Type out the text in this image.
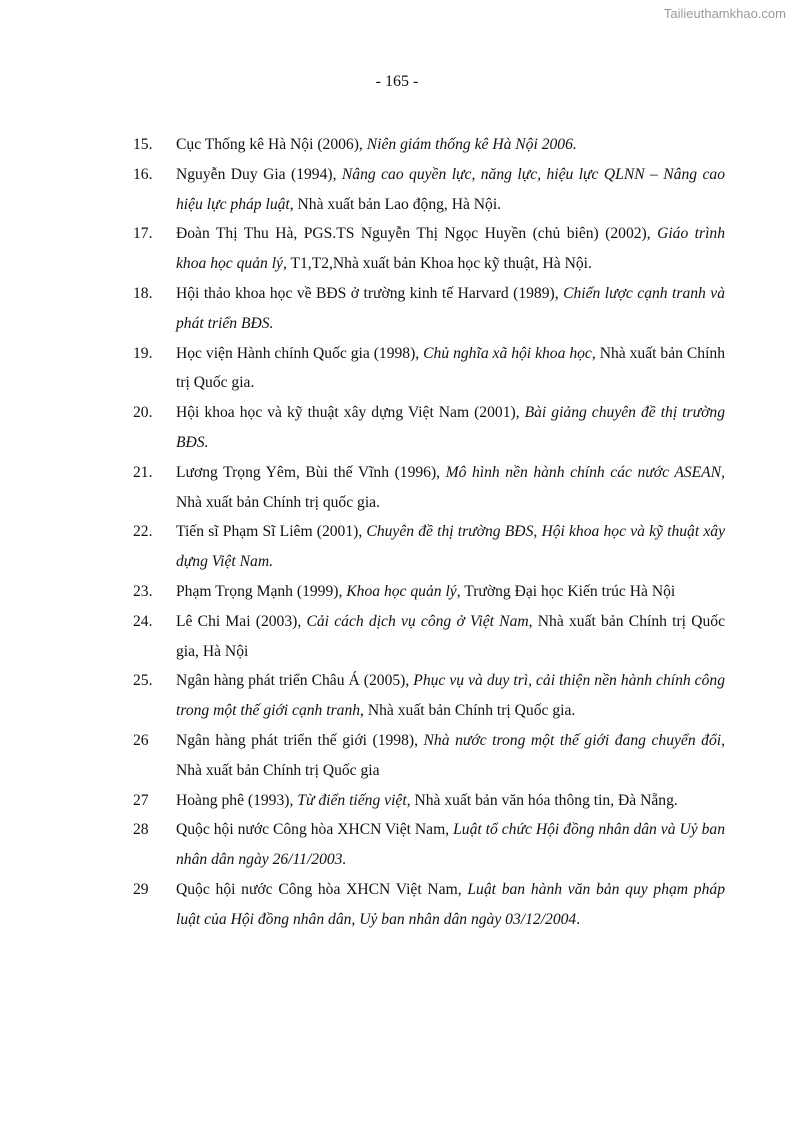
Tailieuthamkhao.com
- 165 -
15.	Cục Thống kê Hà Nội (2006), Niên giám thống kê Hà Nội 2006.
16.	Nguyễn Duy Gia (1994), Nâng cao quyền lực, năng lực, hiệu lực QLNN – Nâng cao hiệu lực pháp luật, Nhà xuất bản Lao động, Hà Nội.
17.	Đoàn Thị Thu Hà, PGS.TS Nguyễn Thị Ngọc Huyền (chủ biên) (2002), Giáo trình khoa học quản lý, T1,T2,Nhà xuất bản Khoa học kỹ thuật, Hà Nội.
18.	Hội thảo khoa học về BĐS ở trường kinh tế Harvard (1989), Chiến lược cạnh tranh và phát triển BĐS.
19.	Học viện Hành chính Quốc gia (1998), Chủ nghĩa xã hội khoa học, Nhà xuất bản Chính trị Quốc gia.
20.	Hội khoa học và kỹ thuật xây dựng Việt Nam (2001), Bài giảng chuyên đề thị trường BĐS.
21.	Lương Trọng Yêm, Bùi thế Vĩnh (1996), Mô hình nền hành chính các nước ASEAN, Nhà xuất bản Chính trị quốc gia.
22.	Tiến sĩ Phạm Sĩ Liêm (2001), Chuyên đề thị trường BĐS, Hội khoa học và kỹ thuật xây dựng Việt Nam.
23.	Phạm Trọng Mạnh (1999), Khoa học quản lý, Trường Đại học Kiến trúc Hà Nội
24.	Lê Chi Mai (2003), Cải cách dịch vụ công ở Việt Nam, Nhà xuất bản Chính trị Quốc gia, Hà Nội
25.	Ngân hàng phát triển Châu Á (2005), Phục vụ và duy trì, cải thiện nền hành chính công trong một thế giới cạnh tranh, Nhà xuất bản Chính trị Quốc gia.
26	Ngân hàng phát triển thế giới (1998), Nhà nước trong một thế giới đang chuyển đổi, Nhà xuất bản Chính trị Quốc gia
27	Hoàng phê (1993), Từ điển tiếng việt, Nhà xuất bản văn hóa thông tin, Đà Nẵng.
28	Quộc hội nước Công hòa XHCN Việt Nam, Luật tổ chức Hội đồng nhân dân và Uỷ ban nhân dân ngày 26/11/2003.
29	Quộc hội nước Công hòa XHCN Việt Nam, Luật ban hành văn bản quy phạm pháp luật của Hội đồng nhân dân, Uỷ ban nhân dân ngày 03/12/2004.
